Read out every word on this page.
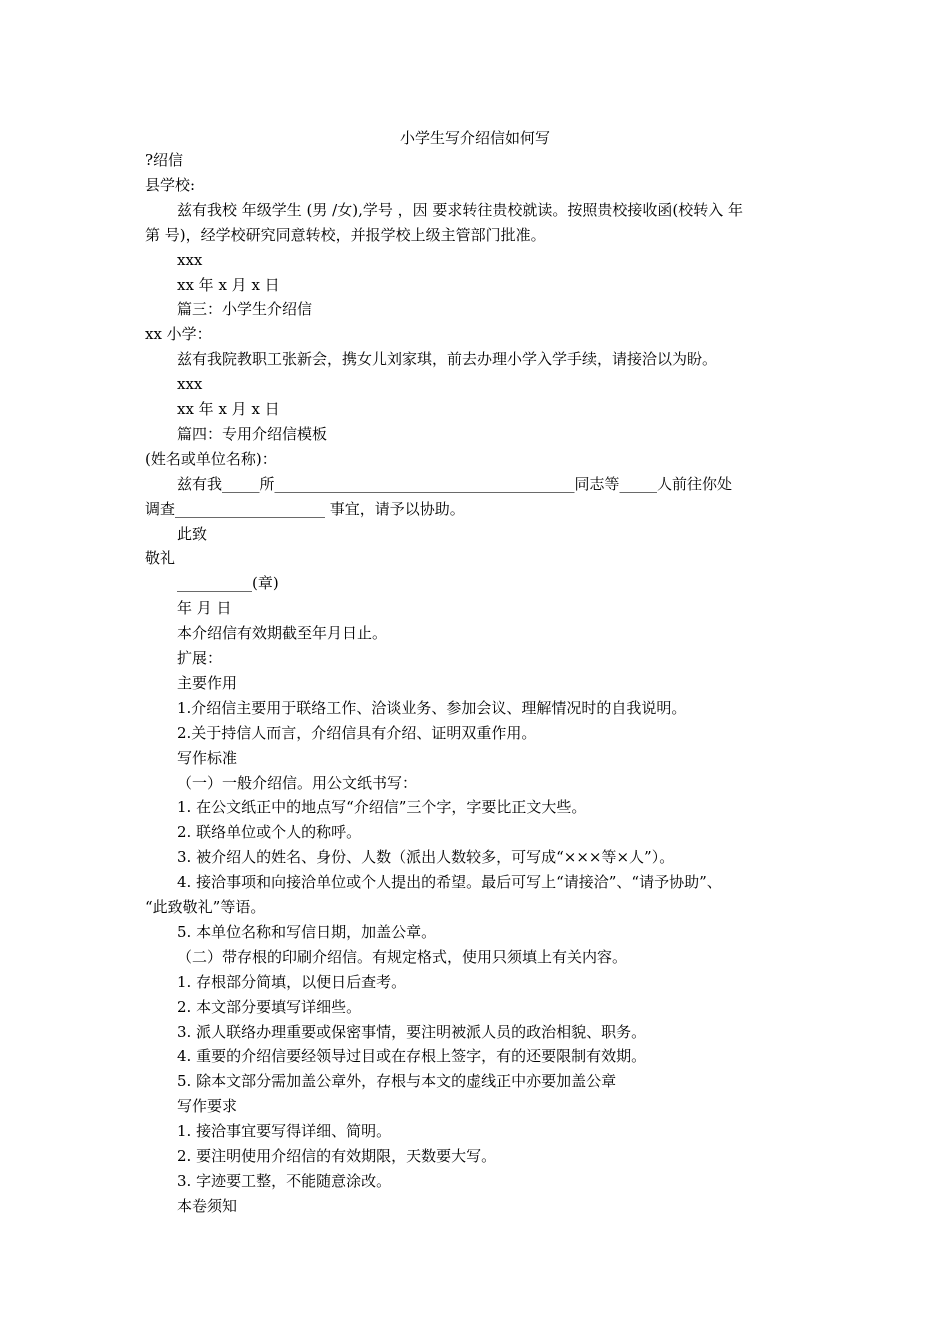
小学生写介绍信如何写
?绍信
县学校:
兹有我校 年级学生 (男 /女),学号 ，因 要求转往贵校就读。按照贵校接收函(校转入 年
第 号)，经学校研究同意转校，并报学校上级主管部门批准。
xxx
xx 年 x 月 x 日
篇三：小学生介绍信
xx 小学：
兹有我院教职工张新会，携女儿刘家琪，前去办理小学入学手续，请接洽以为盼。
xxx
xx 年 x 月 x 日
篇四：专用介绍信模板
(姓名或单位名称)：
兹有我_____所________________________________________同志等_____人前往你处
调查____________________ 事宜，请予以协助。
此致
敬礼
__________(章)
年 月 日
本介绍信有效期截至年月日止。
扩展：
主要作用
1.介绍信主要用于联络工作、洽谈业务、参加会议、理解情况时的自我说明。
2.关于持信人而言，介绍信具有介绍、证明双重作用。
写作标准
（一）一般介绍信。用公文纸书写：
1. 在公文纸正中的地点写“介绍信”三个字，字要比正文大些。
2. 联络单位或个人的称呼。
3. 被介绍人的姓名、身份、人数（派出人数较多，可写成“×××等×人”）。
4. 接洽事项和向接洽单位或个人提出的希望。最后可写上“请接洽”、“请予协助”、
“此致敬礼”等语。
5. 本单位名称和写信日期，加盖公章。
（二）带存根的印刷介绍信。有规定格式，使用只须填上有关内容。
1. 存根部分简填，以便日后查考。
2. 本文部分要填写详细些。
3. 派人联络办理重要或保密事情，要注明被派人员的政治相貌、职务。
4. 重要的介绍信要经领导过目或在存根上签字，有的还要限制有效期。
5. 除本文部分需加盖公章外，存根与本文的虚线正中亦要加盖公章
写作要求
1. 接洽事宜要写得详细、简明。
2. 要注明使用介绍信的有效期限，天数要大写。
3. 字迹要工整，不能随意涂改。
本卷须知
